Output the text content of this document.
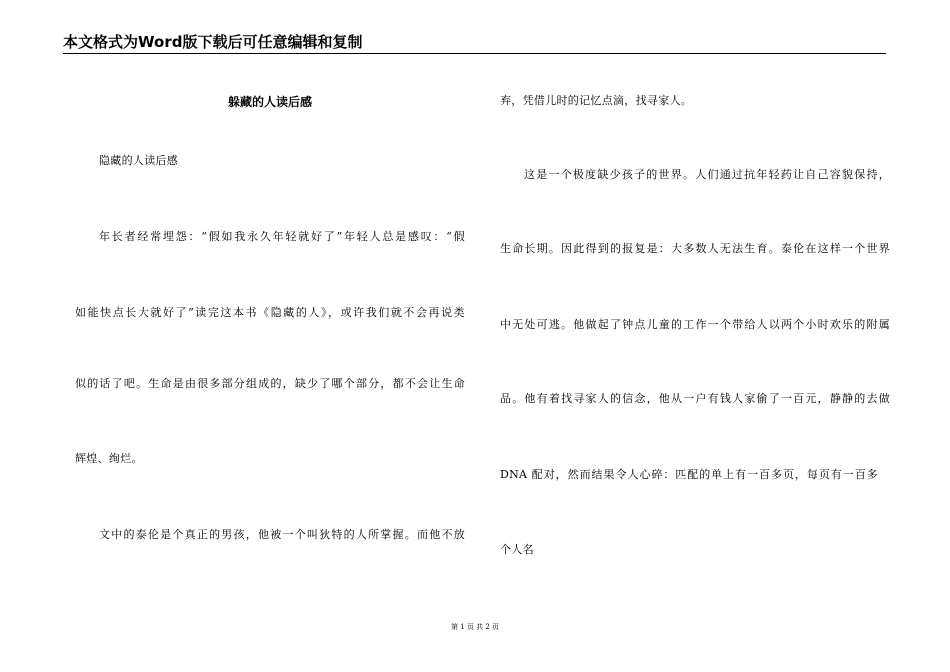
本文格式为Word版下载后可任意编辑和复制
躲藏的人读后感
隐藏的人读后感
年长者经常埋怨：“假如我永久年轻就好了”年轻人总是感叹：“假
如能快点长大就好了”读完这本书《隐藏的人》，或许我们就不会再说类
似的话了吧。生命是由很多部分组成的，缺少了哪个部分，都不会让生命
辉煌、绚烂。
文中的泰伦是个真正的男孩，他被一个叫狄特的人所掌握。而他不放
弃，凭借儿时的记忆点滴，找寻家人。
这是一个极度缺少孩子的世界。人们通过抗年轻药让自己容貌保持，
生命长期。因此得到的报复是：大多数人无法生育。泰伦在这样一个世界
中无处可逃。他做起了钟点儿童的工作一个带给人以两个小时欢乐的附属
品。他有着找寻家人的信念，他从一户有钱人家偷了一百元，静静的去做
DNA 配对，然而结果令人心碎：匹配的单上有一百多页，每页有一百多
个人名
第 1 页 共 2 页
